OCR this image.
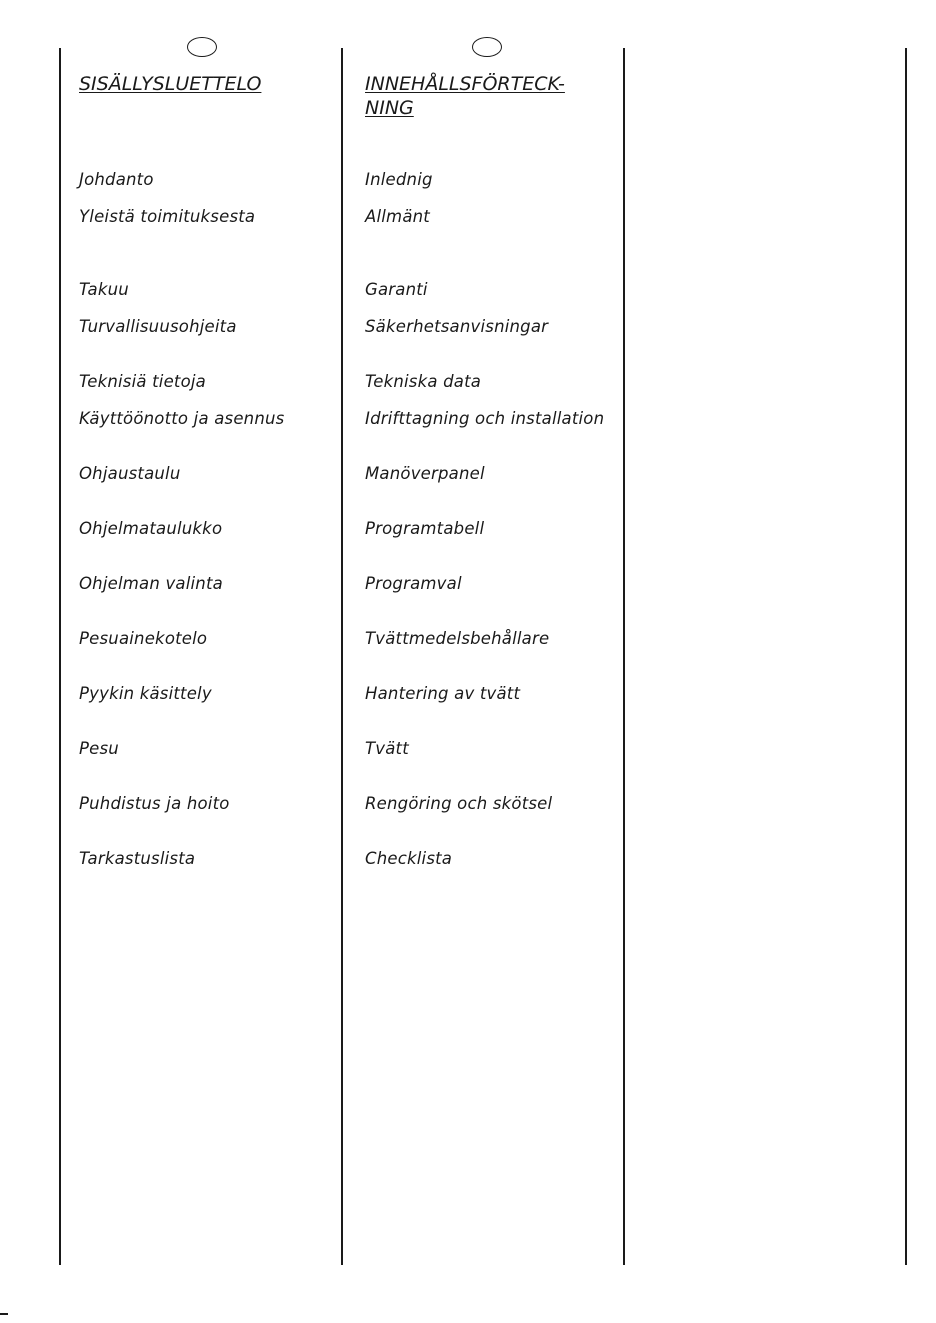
SISÄLLYSLUETTELO
Johdanto
Yleistä toimituksesta
Takuu
Turvallisuusohjeita
Teknisiä tietoja
Käyttöönotto ja asennus
Ohjaustaulu
Ohjelmataulukko
Ohjelman valinta
Pesuainekotelo
Pyykin käsittely
Pesu
Puhdistus ja hoito
Tarkastuslista
INNEHÅLLSFÖRTECK-NING
Inlednig
Allmänt
Garanti
Säkerhetsanvisningar
Tekniska data
Idrifttagning och installation
Manöverpanel
Programtabell
Programval
Tvättmedelsbehållare
Hantering av tvätt
Tvätt
Rengöring och skötsel
Checklista
